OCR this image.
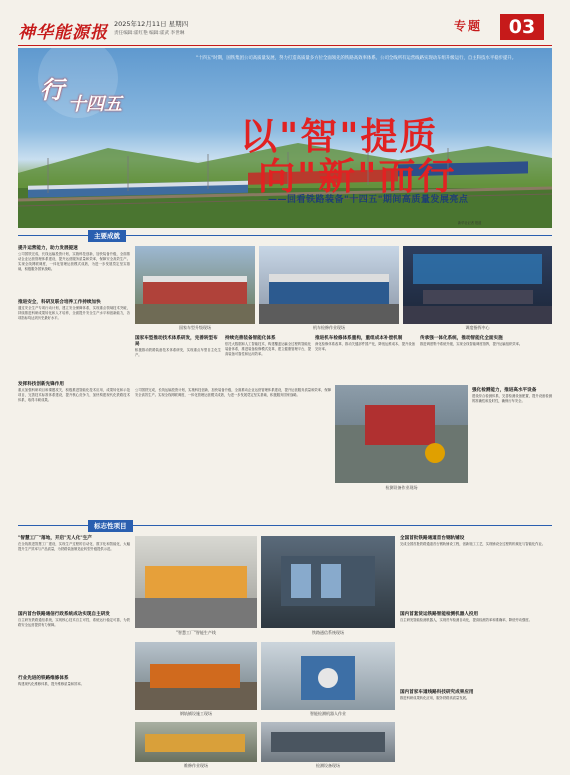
神华能源报 2025年12月11日 星期四
责任编辑:霍红艳 编辑:霍武 李世琳
专题	03
行
十四五
"十四五"时期，国铁集团公司高质量发展，努力打造高质量多方位全面领先的铁路高效率体系。公司全线所有运营线路实现动车组升级运行，自主科技水平稳步提升。
以"智"提质
向"新"而行
——回看铁路装备"十四五"期间高质量发展亮点
新华社记者 报道
主要成就
提升运营能力，助力发展提速
公司国铁完成，长线运输投资计划，实施科技创新，加快装备升级，全面推动企业运营管理体系建设，提升运营服务质量和效率，保障安全高效生产。实现全线网联调度，一体化管理运营模式成熟，为进一步发展奠定坚实基础，积极服务国家战略。
推进安全，科研及联合培养工作持续加快
通过安全生产专项行动计划，建立安全保障体系，实现重点领域技术突破，持续推进科研成果转化和人才培养，全面提升安全生产水平和创新能力，各项指标均达到历史最好水平。
发挥科技创新先锋作用
重点加强科研项目和课题攻关，积极推进智能化技术应用，成果转化和示范项目，完善技术标准体系建设，提升核心竞争力，加快构建现代化铁路技术体系，取得丰硕成果。
国家车型升级现场	机车检修作业现场	调度指挥中心
国家车型推动技术体系研发，完善转型布局
积极推动铁路装备技术体系研发，实现重点车型自主化生产。
持续完善装备智能化体系
依托大数据和人工智能技术，构建覆盖运输全过程的智能化装备体系，推进装备检修模式变革，建立健康管理平台，提高装备可靠性和运用效率。
推进机车检修体系重构，重组成本补偿机制
深化检修体系改革，推动关键部件国产化，降低运维成本，提升设备完好率。
传承强一体化系统，推动智能化全面实施
推进调度集中系统升级，实现全线智能调度指挥，提升运输组织效率。
公司国铁完成，长线运输投资计划，实施科技创新，加快装备升级，全面推动企业运营管理体系建设，提升运营服务质量和效率，保障安全高效生产。实现全线网联调度，一体化管理运营模式成熟，为进一步发展奠定坚实基础，积极服务国家战略。
检测设备作业现场
强化检测能力，推进高水平设备
建设综合检测体系，完善检测设备配置，提升设备检测的准确性和及时性，确保行车安全。
标志性项目
"智慧工厂"落地，开启"无人化"生产
在全线推进智慧工厂建设，实现生产过程的自动化、数字化和智能化，大幅提升生产效率与产品质量，为铁路装备制造业转型升级提供示范。
国内首台铁路通信行政系统成功实现自主研发
自主研发铁路通信系统，实现核心技术自主可控，系统运行稳定可靠，为铁路安全运营提供有力保障。
行业先进的铁路维修体系
构建现代化维修体系，提升维修质量和效率。
"智慧工厂"智能生产线	铁路通信系统现场
全国首批铁路通道首台钢轨铺设
完成全国首批铁路通道首台钢轨铺设工程，创新施工工艺，实现铺设全过程的机械化与智能化作业。
国内首套货运铁路智能检测机器人投用
自主研发智能检测机器人，实现货车检测自动化，提高检测效率和准确率，降低劳动强度。
国内首家车道线路科技研究成果应用
推进科研成果转化应用，服务铁路高质量发展。
钢轨铺设施工现场	智能检测机器人作业
维修作业现场	检测设备现场
